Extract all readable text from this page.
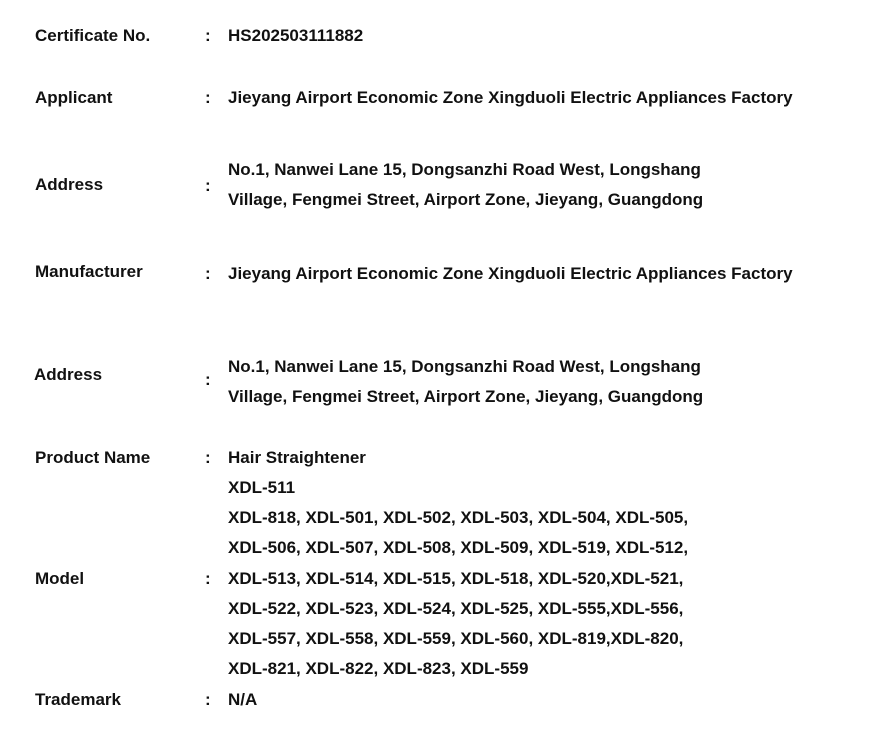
Certificate No.	: HS202503111882
Applicant	: Jieyang Airport Economic Zone Xingduoli Electric Appliances Factory
Address	:
No.1, Nanwei Lane 15, Dongsanzhi Road West, Longshang
Village, Fengmei Street, Airport Zone, Jieyang, Guangdong
Manufacturer	: Jieyang Airport Economic Zone Xingduoli Electric Appliances Factory
Address	:
No.1, Nanwei Lane 15, Dongsanzhi Road West, Longshang
Village, Fengmei Street, Airport Zone, Jieyang, Guangdong
Product Name	: Hair Straightener
Model	:
XDL-511
XDL-818, XDL-501, XDL-502, XDL-503, XDL-504, XDL-505,
XDL-506, XDL-507, XDL-508, XDL-509, XDL-519, XDL-512,
XDL-513, XDL-514, XDL-515, XDL-518, XDL-520,XDL-521,
XDL-522, XDL-523, XDL-524, XDL-525, XDL-555,XDL-556,
XDL-557, XDL-558, XDL-559, XDL-560, XDL-819,XDL-820,
XDL-821, XDL-822, XDL-823, XDL-559
Trademark	: N/A
